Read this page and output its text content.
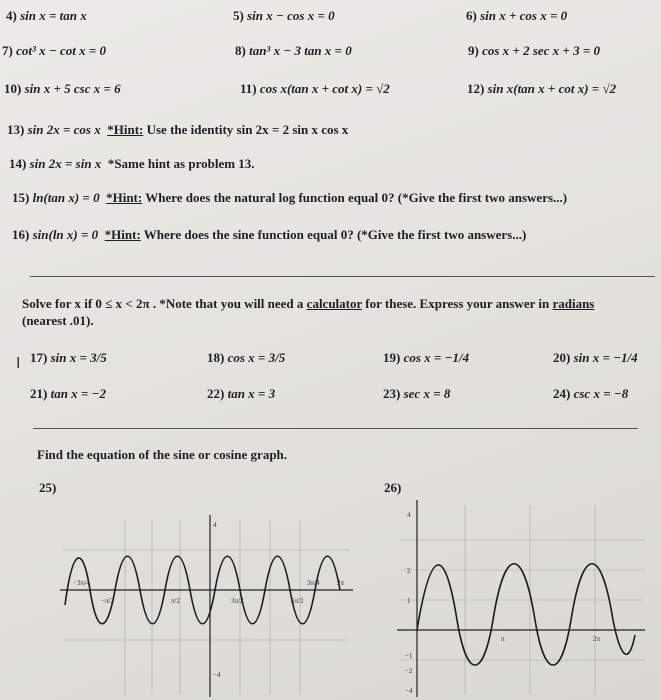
4) sin x = tan x	5) sin x − cos x = 0	6) sin x + cos x = 0
7) cot³ x − cot x = 0	8) tan³ x − 3 tan x = 0	9) cos x + 2 sec x + 3 = 0
10) sin x + 5 csc x = 6	11) cos x(tan x + cot x) = √2	12) sin x(tan x + cot x) = √2
13) sin 2x = cos x *Hint: Use the identity sin 2x = 2 sin x cos x
14) sin 2x = sin x *Same hint as problem 13.
15) ln(tan x) = 0 *Hint: Where does the natural log function equal 0? (*Give the first two answers...)
16) sin(ln x) = 0 *Hint: Where does the sine function equal 0? (*Give the first two answers...)
Solve for x if 0 ≤ x < 2π . *Note that you will need a calculator for these. Express your answer in radians
(nearest .01).
I 17) sin x = 3/5	18) cos x = 3/5	19) cos x = −1/4	20) sin x = −1/4
21) tan x = −2	22) tan x = 3	23) sec x = 8	24) csc x = −8
Find the equation of the sine or cosine graph.
25)	26)
−3π/4
−π/2	π/2	3π/2	5π/2
3π/4	2π
4
−4
π	2π
4
2
1
−1
−2
−4
